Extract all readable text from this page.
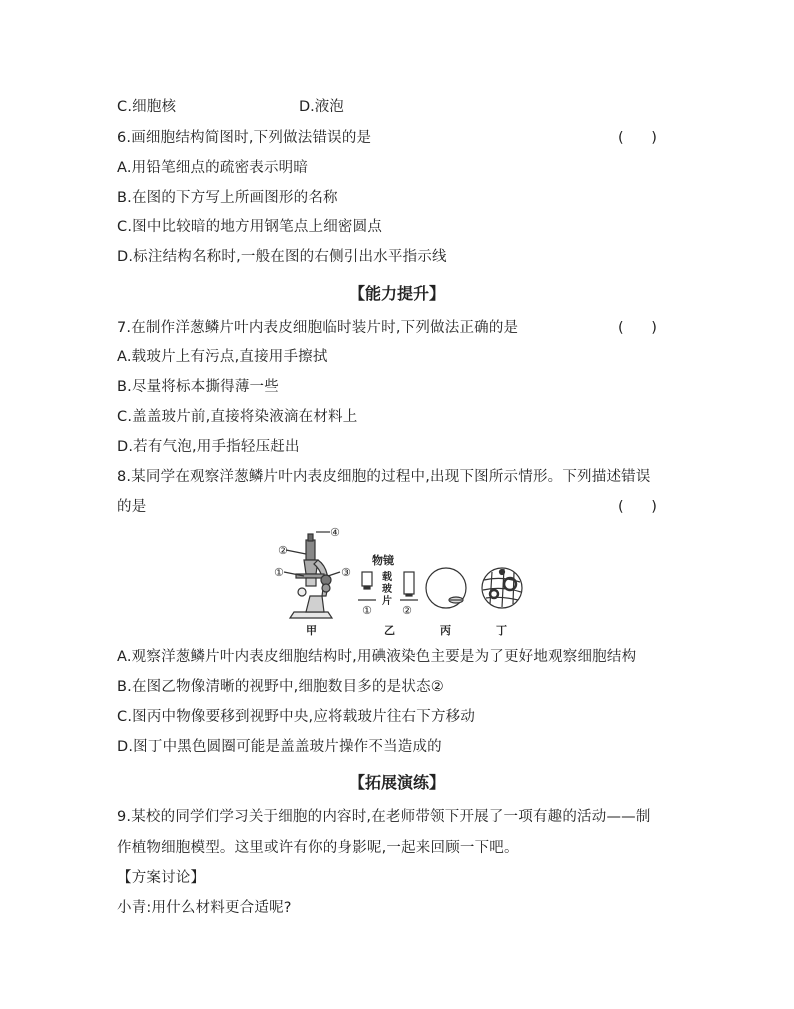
C.细胞核	D.液泡
6.画细胞结构简图时,下列做法错误的是	(      )
A.用铅笔细点的疏密表示明暗
B.在图的下方写上所画图形的名称
C.图中比较暗的地方用钢笔点上细密圆点
D.标注结构名称时,一般在图的右侧引出水平指示线
【能力提升】
7.在制作洋葱鳞片叶内表皮细胞临时装片时,下列做法正确的是	(      )
A.载玻片上有污点,直接用手擦拭
B.尽量将标本撕得薄一些
C.盖盖玻片前,直接将染液滴在材料上
D.若有气泡,用手指轻压赶出
8.某同学在观察洋葱鳞片叶内表皮细胞的过程中,出现下图所示情形。下列描述错误
的是	(      )
②
①	③
④
甲
物镜
载
玻
片
①	②
乙	丙	丁
A.观察洋葱鳞片叶内表皮细胞结构时,用碘液染色主要是为了更好地观察细胞结构
B.在图乙物像清晰的视野中,细胞数目多的是状态②
C.图丙中物像要移到视野中央,应将载玻片往右下方移动
D.图丁中黑色圆圈可能是盖盖玻片操作不当造成的
【拓展演练】
9.某校的同学们学习关于细胞的内容时,在老师带领下开展了一项有趣的活动——制
作植物细胞模型。这里或许有你的身影呢,一起来回顾一下吧。
【方案讨论】
小青:用什么材料更合适呢?
